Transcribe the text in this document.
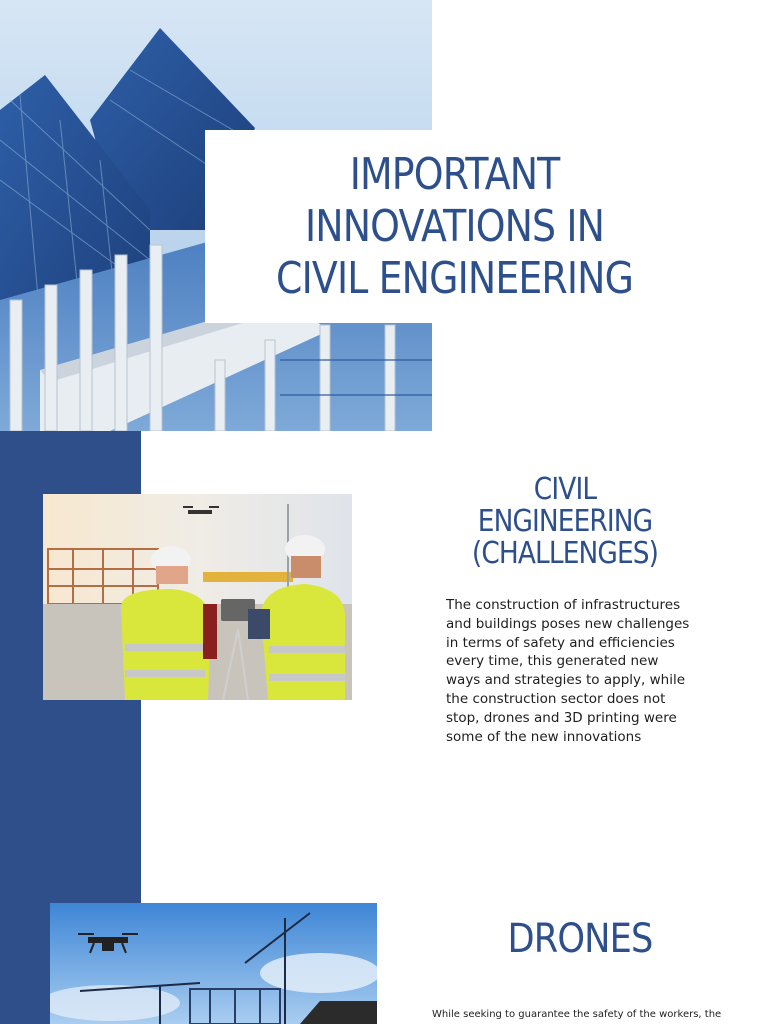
IMPORTANT
INNOVATIONS IN
CIVIL ENGINEERING
CIVIL
ENGINEERING
(CHALLENGES)

The construction of infrastructures and buildings poses new challenges in terms of safety and efficiencies every time, this generated new ways and strategies to apply, while the construction sector does not stop, drones and 3D printing were some of the new innovations

DRONES

While seeking to guarantee the safety of the workers, the
